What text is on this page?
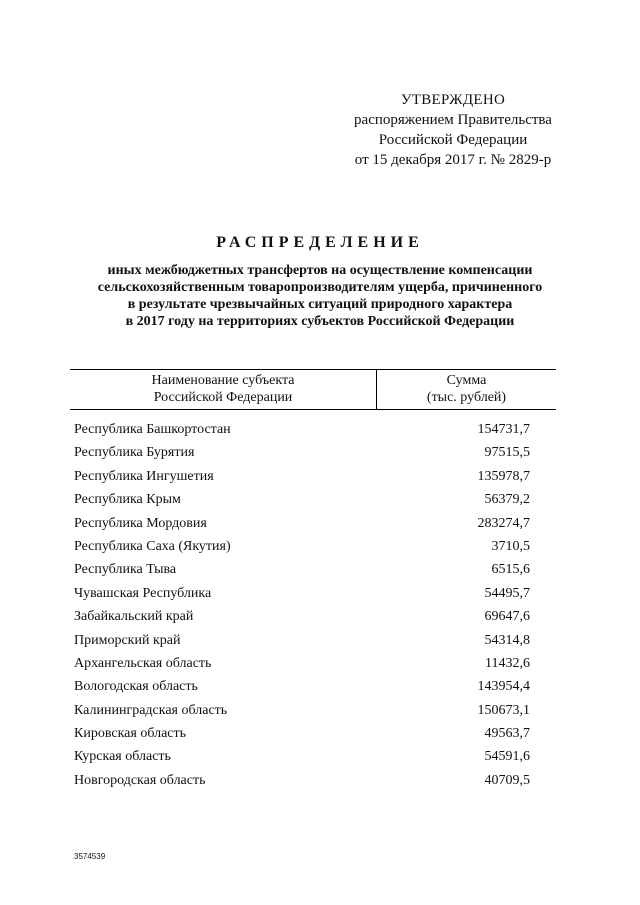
УТВЕРЖДЕНО
распоряжением Правительства
Российской Федерации
от 15 декабря 2017 г. № 2829-р
РАСПРЕДЕЛЕНИЕ
иных межбюджетных трансфертов на осуществление компенсации
сельскохозяйственным товаропроизводителям ущерба, причиненного
в результате чрезвычайных ситуаций природного характера
в 2017 году на территориях субъектов Российской Федерации
Наименование субъекта
Российской Федерации
Сумма
(тыс. рублей)
Республика Башкортостан	154731,7
Республика Бурятия	97515,5
Республика Ингушетия	135978,7
Республика Крым	56379,2
Республика Мордовия	283274,7
Республика Саха (Якутия)	3710,5
Республика Тыва	6515,6
Чувашская Республика	54495,7
Забайкальский край	69647,6
Приморский край	54314,8
Архангельская область	11432,6
Вологодская область	143954,4
Калининградская область	150673,1
Кировская область	49563,7
Курская область	54591,6
Новгородская область	40709,5
3574539
